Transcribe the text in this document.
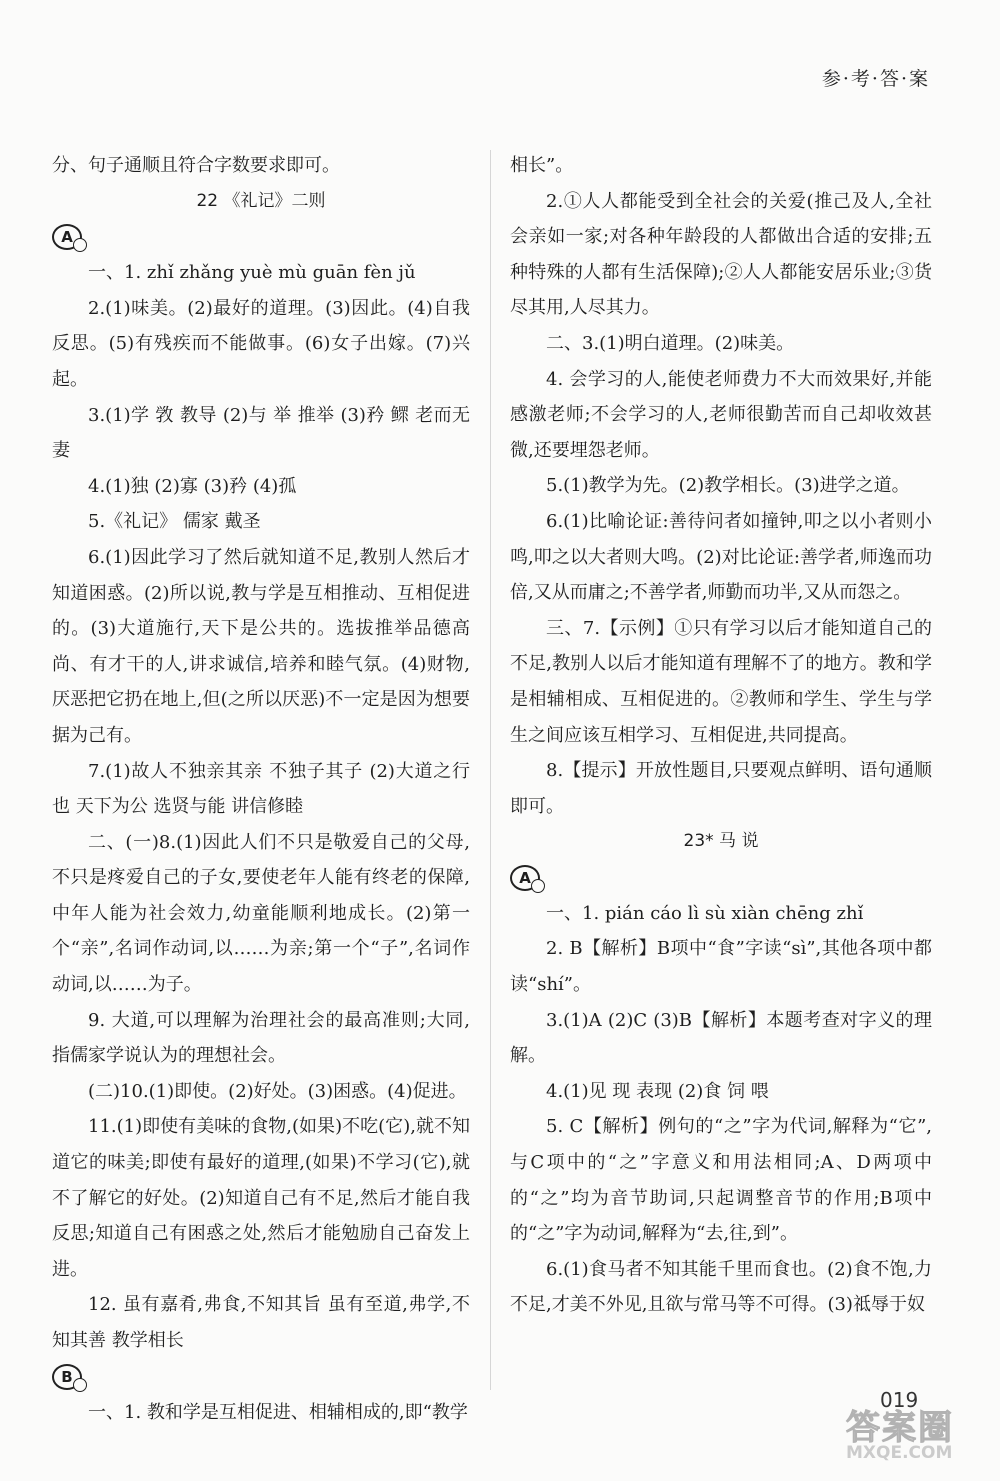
参·考·答·案

分、句子通顺且符合字数要求即可。

22 《礼记》二则

A

一、1. zhǐ zhǎng yuè mù guān fèn jǔ

2.(1)味美。(2)最好的道理。(3)因此。(4)自我反思。(5)有残疾而不能做事。(6)女子出嫁。(7)兴起。

3.(1)学 敩 教导 (2)与 举 推举 (3)矜 鳏 老而无妻

4.(1)独 (2)寡 (3)矜 (4)孤

5.《礼记》 儒家 戴圣

6.(1)因此学习了然后就知道不足,教别人然后才知道困惑。(2)所以说,教与学是互相推动、互相促进的。(3)大道施行,天下是公共的。选拔推举品德高尚、有才干的人,讲求诚信,培养和睦气氛。(4)财物,厌恶把它扔在地上,但(之所以厌恶)不一定是因为想要据为己有。

7.(1)故人不独亲其亲 不独子其子 (2)大道之行也 天下为公 选贤与能 讲信修睦

二、(一)8.(1)因此人们不只是敬爱自己的父母,不只是疼爱自己的子女,要使老年人能有终老的保障,中年人能为社会效力,幼童能顺利地成长。(2)第一个“亲”,名词作动词,以……为亲;第一个“子”,名词作动词,以……为子。

9. 大道,可以理解为治理社会的最高准则;大同,指儒家学说认为的理想社会。

(二)10.(1)即使。(2)好处。(3)困惑。(4)促进。

11.(1)即使有美味的食物,(如果)不吃(它),就不知道它的味美;即使有最好的道理,(如果)不学习(它),就不了解它的好处。(2)知道自己有不足,然后才能自我反思;知道自己有困惑之处,然后才能勉励自己奋发上进。

12. 虽有嘉肴,弗食,不知其旨 虽有至道,弗学,不知其善 教学相长

B

一、1. 教和学是互相促进、相辅相成的,即“教学

相长”。

2.①人人都能受到全社会的关爱(推己及人,全社会亲如一家;对各种年龄段的人都做出合适的安排;五种特殊的人都有生活保障);②人人都能安居乐业;③货尽其用,人尽其力。

二、3.(1)明白道理。(2)味美。

4. 会学习的人,能使老师费力不大而效果好,并能感激老师;不会学习的人,老师很勤苦而自己却收效甚微,还要埋怨老师。

5.(1)教学为先。(2)教学相长。(3)进学之道。

6.(1)比喻论证:善待问者如撞钟,叩之以小者则小鸣,叩之以大者则大鸣。(2)对比论证:善学者,师逸而功倍,又从而庸之;不善学者,师勤而功半,又从而怨之。

三、7.【示例】①只有学习以后才能知道自己的不足,教别人以后才能知道有理解不了的地方。教和学是相辅相成、互相促进的。②教师和学生、学生与学生之间应该互相学习、互相促进,共同提高。

8.【提示】开放性题目,只要观点鲜明、语句通顺即可。

23* 马 说

A

一、1. pián cáo lì sù xiàn chēng zhǐ

2. B【解析】B项中“食”字读“sì”,其他各项中都读“shí”。

3.(1)A (2)C (3)B【解析】本题考查对字义的理解。

4.(1)见 现 表现 (2)食 饲 喂

5. C【解析】例句的“之”字为代词,解释为“它”,与C项中的“之”字意义和用法相同;A、D两项中的“之”均为音节助词,只起调整音节的作用;B项中的“之”字为动词,解释为“去,往,到”。

6.(1)食马者不知其能千里而食也。(2)食不饱,力不足,才美不外见,且欲与常马等不可得。(3)祗辱于奴

019
答案圈
MXQE.COM
